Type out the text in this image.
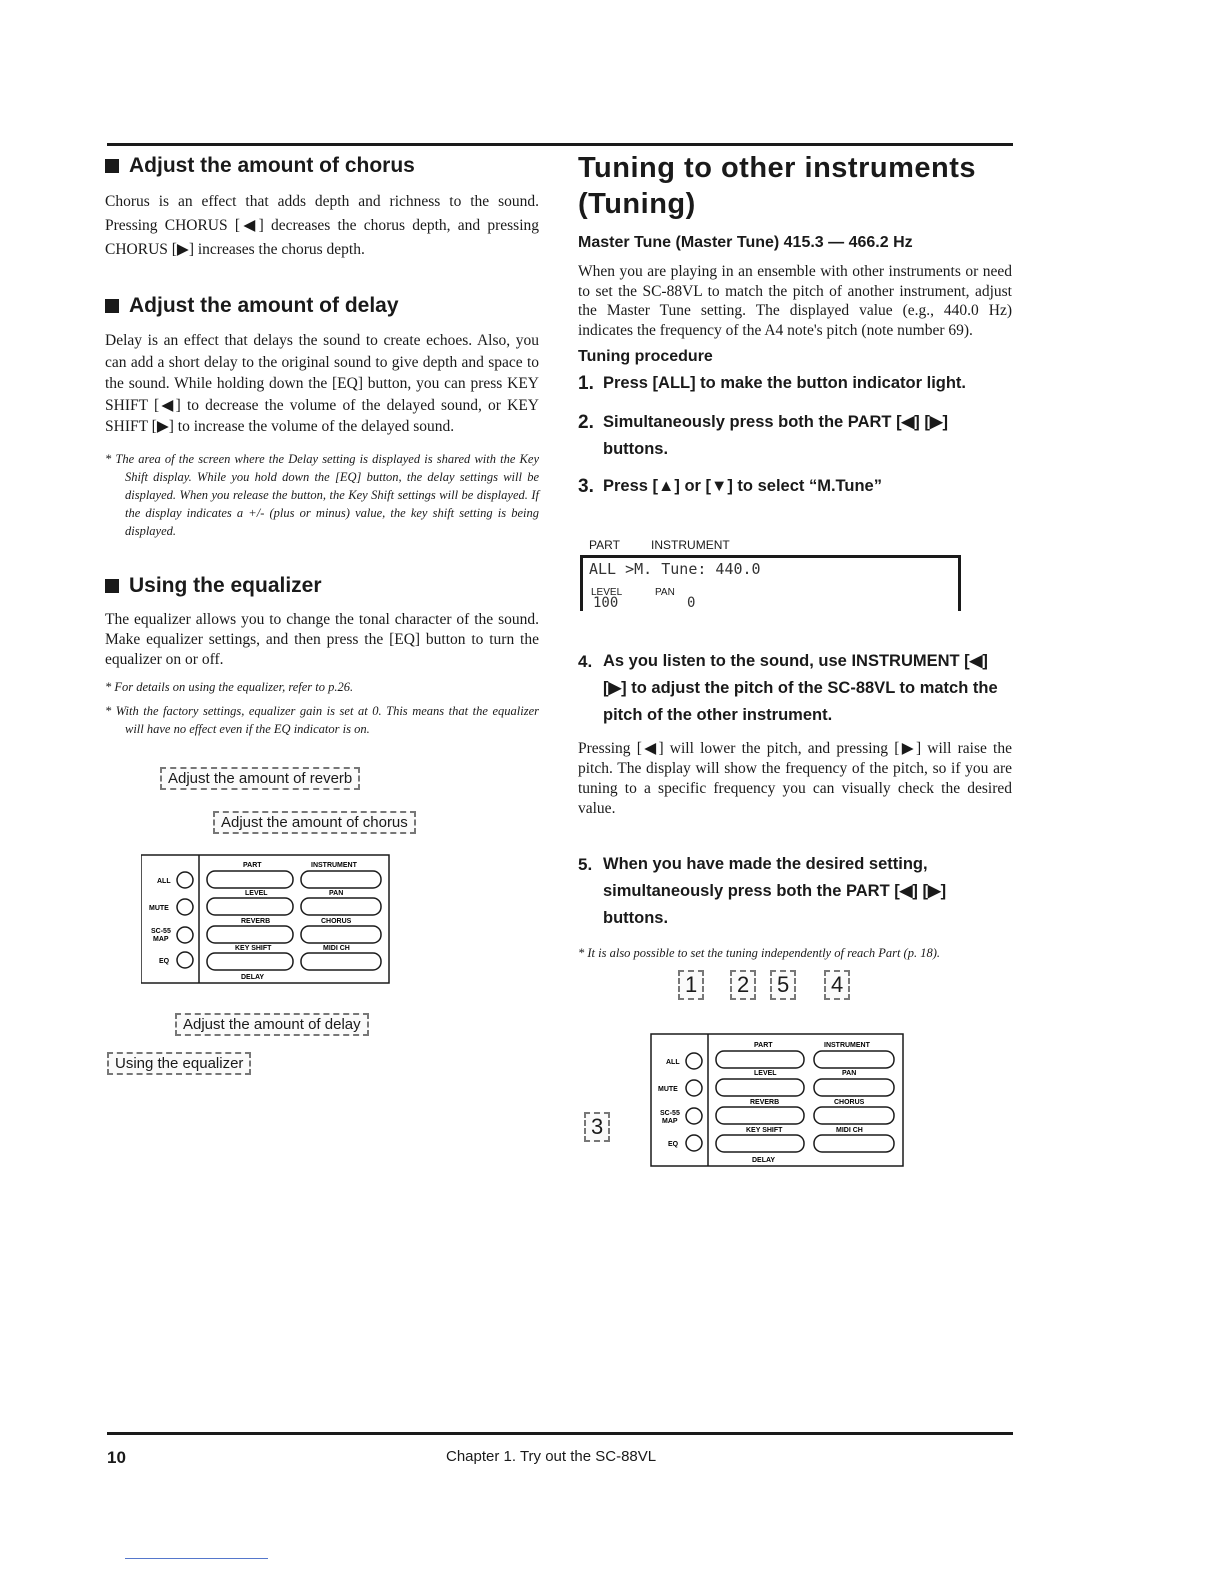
Adjust the amount of chorus

Chorus is an effect that adds depth and richness to the sound. Pressing CHORUS [◀] decreases the chorus depth, and pressing CHORUS [▶] increases the chorus depth.

Adjust the amount of delay

Delay is an effect that delays the sound to create echoes. Also, you can add a short delay to the original sound to give depth and space to the sound. While holding down the [EQ] button, you can press KEY SHIFT [◀] to decrease the volume of the delayed sound, or KEY SHIFT [▶] to increase the volume of the delayed sound.

* The area of the screen where the Delay setting is displayed is shared with the Key Shift display. While you hold down the [EQ] button, the delay settings will be displayed. When you release the button, the Key Shift settings will be displayed. If the display indicates a +/- (plus or minus) value, the key shift setting is being displayed.

Using the equalizer

The equalizer allows you to change the tonal character of the sound. Make equalizer settings, and then press the [EQ] button to turn the equalizer on or off.

* For details on using the equalizer, refer to p.26.

* With the factory settings, equalizer gain is set at 0. This means that the equalizer will have no effect even if the EQ indicator is on.

Adjust the amount of reverb
Adjust the amount of chorus
ALL
MUTE
SC-55
MAP
EQ
PART	INSTRUMENT
LEVEL	PAN
REVERB	CHORUS
KEY SHIFT	MIDI CH
DELAY
Adjust the amount of delay
Using the equalizer
Tuning to other instruments (Tuning)
Master Tune (Master Tune) 415.3 — 466.2 Hz

When you are playing in an ensemble with other instruments or need to set the SC-88VL to match the pitch of another instrument, adjust the Master Tune setting. The displayed value (e.g., 440.0 Hz) indicates the frequency of the A4 note's pitch (note number 69).

Tuning procedure
1. Press [ALL] to make the button indicator light.
2. Simultaneously press both the PART [◀] [▶] buttons.
3. Press [▲] or [▼] to select “M.Tune”
PART	INSTRUMENT
ALL >M. Tune: 440.0
LEVEL	PAN
100	0
4. As you listen to the sound, use INSTRUMENT [◀] [▶] to adjust the pitch of the SC-88VL to match the pitch of the other instrument.

Pressing [◀] will lower the pitch, and pressing [▶] will raise the pitch. The display will show the frequency of the pitch, so if you are tuning to a specific frequency you can visually check the desired value.

5. When you have made the desired setting, simultaneously press both the PART [◀] [▶] buttons.

* It is also possible to set the tuning independently of reach Part (p. 18).

1	2	5	4
3
ALL
MUTE
SC-55
MAP
EQ
PART	INSTRUMENT
LEVEL	PAN
REVERB	CHORUS
KEY SHIFT	MIDI CH
DELAY
10	Chapter 1. Try out the SC-88VL
